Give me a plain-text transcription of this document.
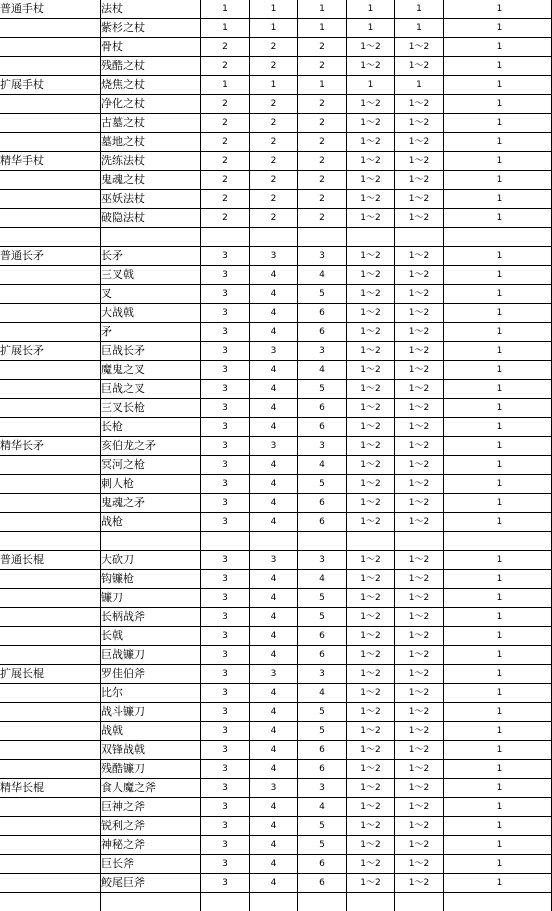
普通手杖	法杖	1	1	1	1	1	1
	紫杉之杖	1	1	1	1	1	1
	骨杖	2	2	2	1～2	1～2	1
	残酷之杖	2	2	2	1～2	1～2	1
扩展手杖	烧焦之杖	1	1	1	1	1	1
	净化之杖	2	2	2	1～2	1～2	1
	古墓之杖	2	2	2	1～2	1～2	1
	墓地之杖	2	2	2	1～2	1～2	1
精华手杖	洗练法杖	2	2	2	1～2	1～2	1
	鬼魂之杖	2	2	2	1～2	1～2	1
	巫妖法杖	2	2	2	1～2	1～2	1
	破隐法杖	2	2	2	1～2	1～2	1

普通长矛	长矛	3	3	3	1～2	1～2	1
	三叉戟	3	4	4	1～2	1～2	1
	叉	3	4	5	1～2	1～2	1
	大战戟	3	4	6	1～2	1～2	1
	矛	3	4	6	1～2	1～2	1
扩展长矛	巨战长矛	3	3	3	1～2	1～2	1
	魔鬼之叉	3	4	4	1～2	1～2	1
	巨战之叉	3	4	5	1～2	1～2	1
	三叉长枪	3	4	6	1～2	1～2	1
	长枪	3	4	6	1～2	1～2	1
精华长矛	亥伯龙之矛	3	3	3	1～2	1～2	1
	冥河之枪	3	4	4	1～2	1～2	1
	刺人枪	3	4	5	1～2	1～2	1
	鬼魂之矛	3	4	6	1～2	1～2	1
	战枪	3	4	6	1～2	1～2	1

普通长棍	大砍刀	3	3	3	1～2	1～2	1
	钩镰枪	3	4	4	1～2	1～2	1
	镰刀	3	4	5	1～2	1～2	1
	长柄战斧	3	4	5	1～2	1～2	1
	长戟	3	4	6	1～2	1～2	1
	巨战镰刀	3	4	6	1～2	1～2	1
扩展长棍	罗佳伯斧	3	3	3	1～2	1～2	1
	比尔	3	4	4	1～2	1～2	1
	战斗镰刀	3	4	5	1～2	1～2	1
	战戟	3	4	5	1～2	1～2	1
	双锋战戟	3	4	6	1～2	1～2	1
	残酷镰刀	3	4	6	1～2	1～2	1
精华长棍	食人魔之斧	3	3	3	1～2	1～2	1
	巨神之斧	3	4	4	1～2	1～2	1
	锐利之斧	3	4	5	1～2	1～2	1
	神秘之斧	3	4	5	1～2	1～2	1
	巨长斧	3	4	6	1～2	1～2	1
	鲛尾巨斧	3	4	6	1～2	1～2	1
